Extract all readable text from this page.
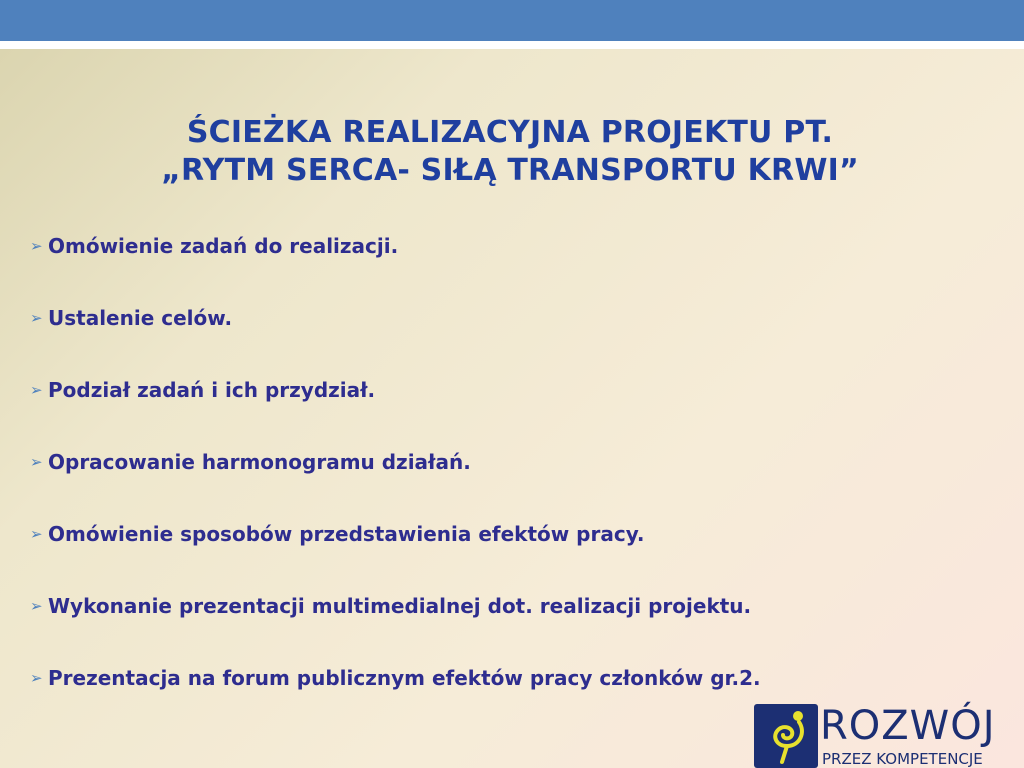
ŚCIEŻKA REALIZACYJNA PROJEKTU PT.
„RYTM SERCA- SIŁĄ TRANSPORTU KRWI”
➢ Omówienie zadań do realizacji.
➢ Ustalenie celów.
➢ Podział zadań i ich przydział.
➢ Opracowanie harmonogramu działań.
➢ Omówienie sposobów przedstawienia efektów pracy.
➢ Wykonanie prezentacji multimedialnej dot. realizacji projektu.
➢ Prezentacja na forum publicznym efektów pracy członków gr.2.
ROZWÓJ
PRZEZ KOMPETENCJE
